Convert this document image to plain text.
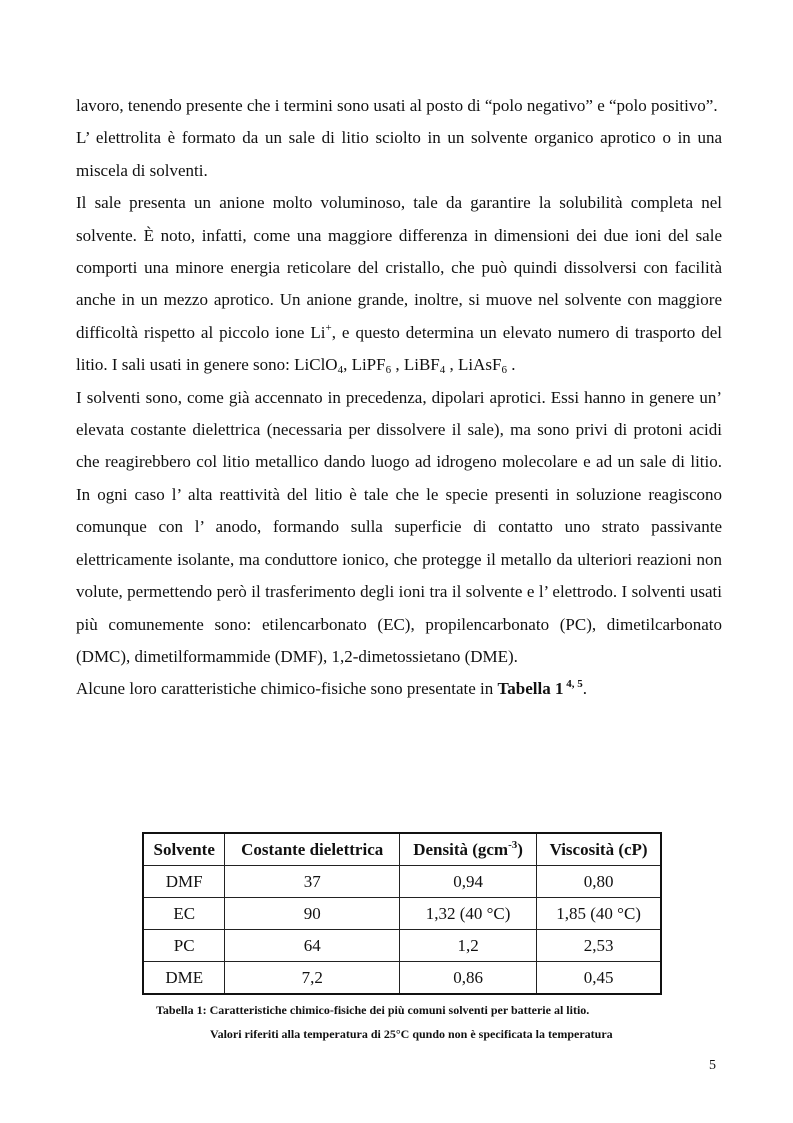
lavoro, tenendo presente che i termini sono usati al posto di “polo negativo” e “polo positivo”.

L’ elettrolita è formato da un sale di litio sciolto in un solvente organico aprotico o in una miscela di solventi.

Il sale presenta un anione molto voluminoso, tale da garantire la solubilità completa nel solvente. È noto, infatti, come una maggiore differenza in dimensioni dei due ioni del sale comporti una minore energia reticolare del cristallo, che può quindi dissolversi con facilità anche in un mezzo aprotico. Un anione grande, inoltre, si muove nel solvente con maggiore difficoltà rispetto al piccolo ione Li+, e questo determina un elevato numero di trasporto del litio. I sali usati in genere sono: LiClO$_4$, LiPF$_6$ , LiBF$_4$ , LiAsF$_6$ .

I solventi sono, come già accennato in precedenza, dipolari aprotici. Essi hanno in genere un’ elevata costante dielettrica (necessaria per dissolvere il sale), ma sono privi di protoni acidi che reagirebbero col litio metallico dando luogo ad idrogeno molecolare e ad un sale di litio. In ogni caso l’ alta reattività del litio è tale che le specie presenti in soluzione reagiscono comunque con l’ anodo, formando sulla superficie di contatto uno strato passivante elettricamente isolante, ma conduttore ionico, che protegge il metallo da ulteriori reazioni non volute, permettendo però il trasferimento degli ioni tra il solvente e l’ elettrodo. I solventi usati più comunemente sono: etilencarbonato (EC), propilencarbonato (PC), dimetilcarbonato (DMC), dimetilformammide (DMF), 1,2-dimetossietano (DME).

Alcune loro caratteristiche chimico-fisiche sono presentate in Tabella 1 $^{4, 5}$.

Solvente	Costante dielettrica	Densità (gcm$^{-3}$)	Viscosità (cP)
DMF	37	0,94	0,80
EC	90	1,32 (40 °C)	1,85 (40 °C)
PC	64	1,2	2,53
DME	7,2	0,86	0,45
Tabella 1: Caratteristiche chimico-fisiche dei più comuni solventi per batterie al litio.
Valori riferiti alla temperatura di 25°C qundo non è specificata la temperatura
5
